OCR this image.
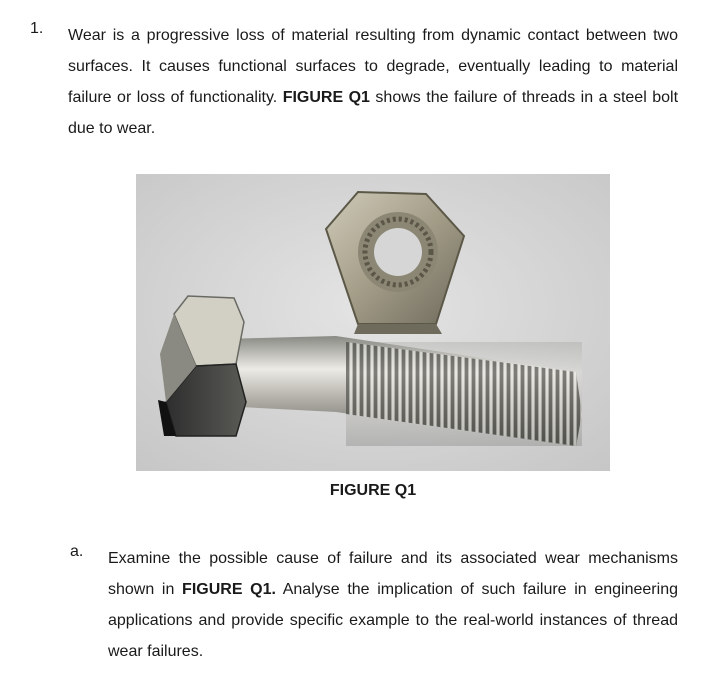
1. Wear is a progressive loss of material resulting from dynamic contact between two surfaces. It causes functional surfaces to degrade, eventually leading to material failure or loss of functionality. FIGURE Q1 shows the failure of threads in a steel bolt due to wear.
FIGURE Q1
a. Examine the possible cause of failure and its associated wear mechanisms shown in FIGURE Q1. Analyse the implication of such failure in engineering applications and provide specific example to the real-world instances of thread wear failures.
